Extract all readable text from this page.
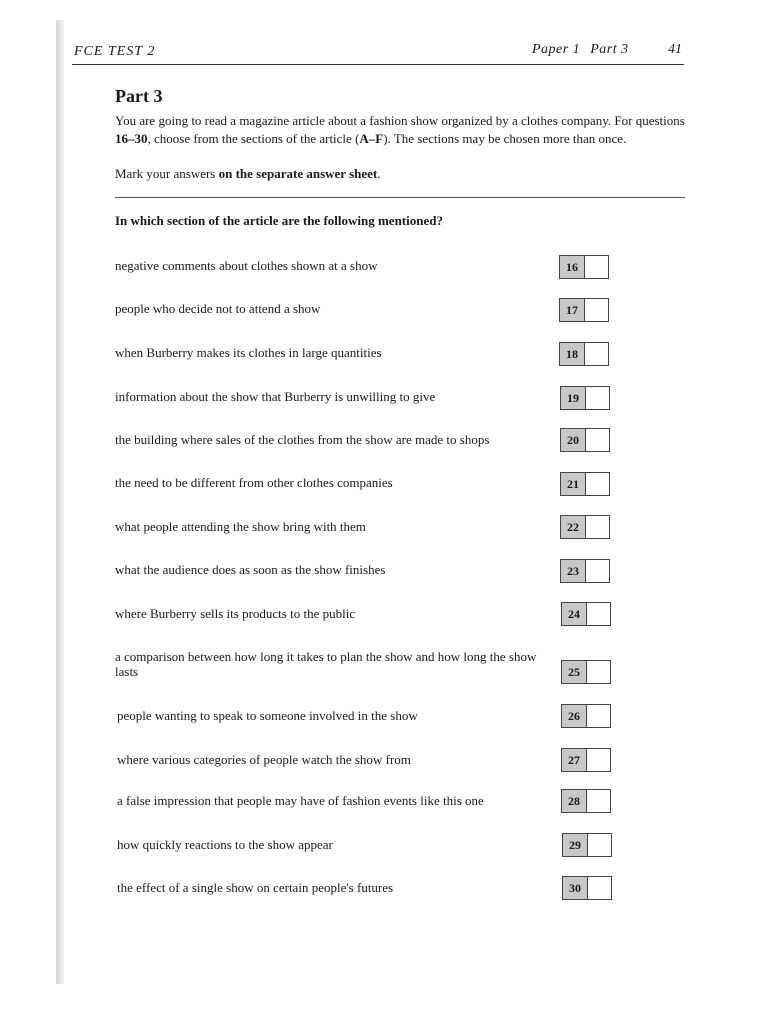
FCE TEST 2	Paper 1 Part 3	41
Part 3
You are going to read a magazine article about a fashion show organized by a clothes company. For questions 16–30, choose from the sections of the article (A–F). The sections may be chosen more than once.
Mark your answers on the separate answer sheet.
In which section of the article are the following mentioned?
negative comments about clothes shown at a show	16
people who decide not to attend a show	17
when Burberry makes its clothes in large quantities	18
information about the show that Burberry is unwilling to give	19
the building where sales of the clothes from the show are made to shops	20
the need to be different from other clothes companies	21
what people attending the show bring with them	22
what the audience does as soon as the show finishes	23
where Burberry sells its products to the public	24
a comparison between how long it takes to plan the show and how long the show lasts	25
people wanting to speak to someone involved in the show	26
where various categories of people watch the show from	27
a false impression that people may have of fashion events like this one	28
how quickly reactions to the show appear	29
the effect of a single show on certain people's futures	30
